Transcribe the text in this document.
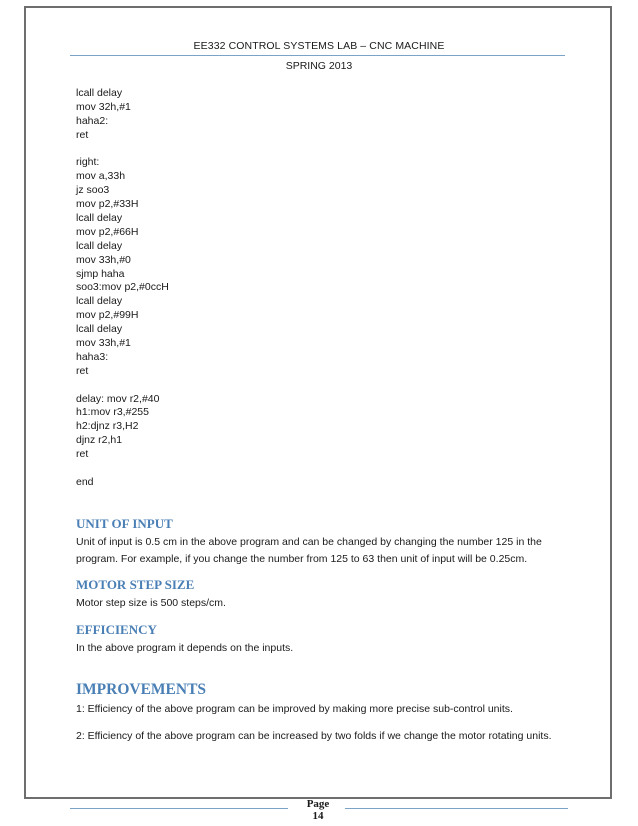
EE332 CONTROL SYSTEMS LAB – CNC MACHINE
SPRING 2013
lcall delay
mov 32h,#1
haha2:
ret
right:
mov a,33h
jz soo3
mov p2,#33H
lcall delay
mov p2,#66H
lcall delay
mov 33h,#0
sjmp haha
soo3:mov p2,#0ccH
lcall delay
mov p2,#99H
lcall delay
mov 33h,#1
haha3:
ret
delay: mov r2,#40
h1:mov r3,#255
h2:djnz r3,H2
djnz r2,h1
ret
end
UNIT OF INPUT
Unit of input is 0.5 cm in the above program and can be changed by changing the number 125 in the program. For example, if you change the number from 125 to 63 then unit of input will be 0.25cm.
MOTOR STEP SIZE
Motor step size is 500 steps/cm.
EFFICIENCY
In the above program it depends on the inputs.
IMPROVEMENTS
1: Efficiency of the above program can be improved by making more precise sub-control units.
2: Efficiency of the above program can be increased by two folds if we change the motor rotating units.
Page
14
